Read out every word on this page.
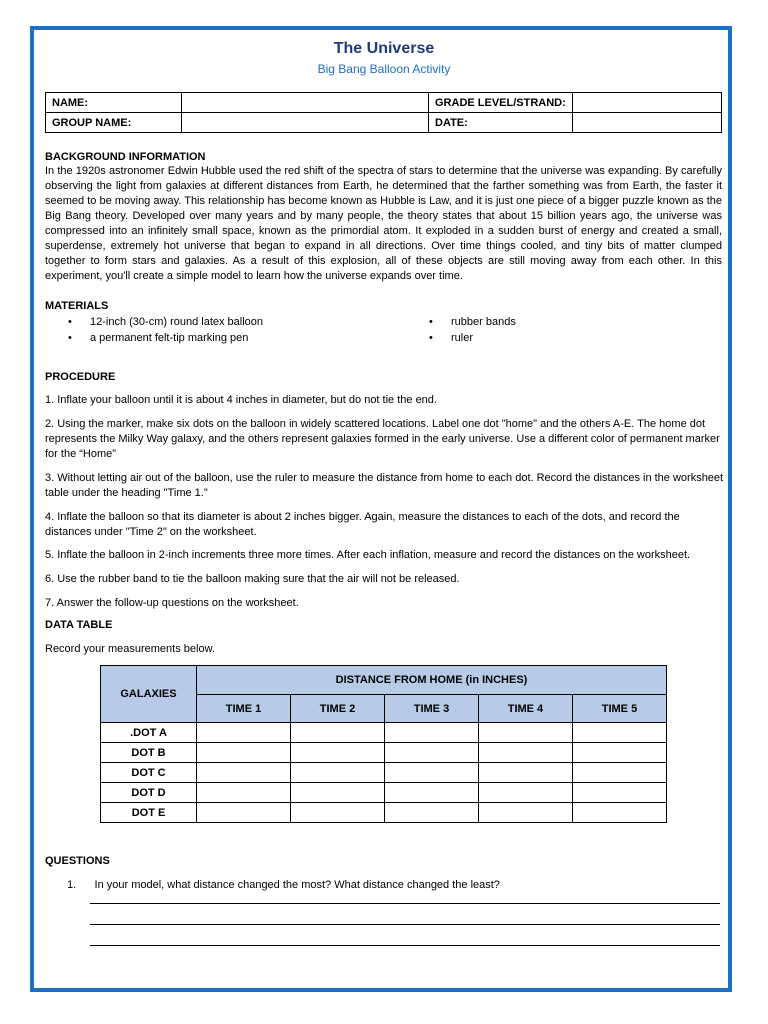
The Universe
Big Bang Balloon Activity
NAME:		GRADE LEVEL/STRAND:	
GROUP NAME:		DATE:	
BACKGROUND INFORMATION
In the 1920s astronomer Edwin Hubble used the red shift of the spectra of stars to determine that the universe was expanding. By carefully observing the light from galaxies at different distances from Earth, he determined that the farther something was from Earth, the faster it seemed to be moving away. This relationship has become known as Hubble is Law, and it is just one piece of a bigger puzzle known as the Big Bang theory. Developed over many years and by many people, the theory states that about 15 billion years ago, the universe was compressed into an infinitely small space, known as the primordial atom. It exploded in a sudden burst of energy and created a small, superdense, extremely hot universe that began to expand in all directions. Over time things cooled, and tiny bits of matter clumped together to form stars and galaxies. As a result of this explosion, all of these objects are still moving away from each other. In this experiment, you'll create a simple model to learn how the universe expands over time.
MATERIALS
• 12-inch (30-cm) round latex balloon
• a permanent felt-tip marking pen
• rubber bands
• ruler
PROCEDURE
1. Inflate your balloon until it is about 4 inches in diameter, but do not tie the end.
2. Using the marker, make six dots on the balloon in widely scattered locations. Label one dot "home" and the others A-E. The home dot represents the Milky Way galaxy, and the others represent galaxies formed in the early universe. Use a different color of permanent marker for the “Home”
3. Without letting air out of the balloon, use the ruler to measure the distance from home to each dot. Record the distances in the worksheet table under the heading "Time 1."
4. Inflate the balloon so that its diameter is about 2 inches bigger. Again, measure the distances to each of the dots, and record the distances under "Time 2" on the worksheet.
5. Inflate the balloon in 2-inch increments three more times. After each inflation, measure and record the distances on the worksheet.
6. Use the rubber band to tie the balloon making sure that the air will not be released.
7. Answer the follow-up questions on the worksheet.
DATA TABLE
Record your measurements below.
GALAXIES	DISTANCE FROM HOME (in INCHES)				
	TIME 1	TIME 2	TIME 3	TIME 4	TIME 5
.DOT A					
DOT B					
DOT C					
DOT D					
DOT E					
QUESTIONS
1.      In your model, what distance changed the most? What distance changed the least?
